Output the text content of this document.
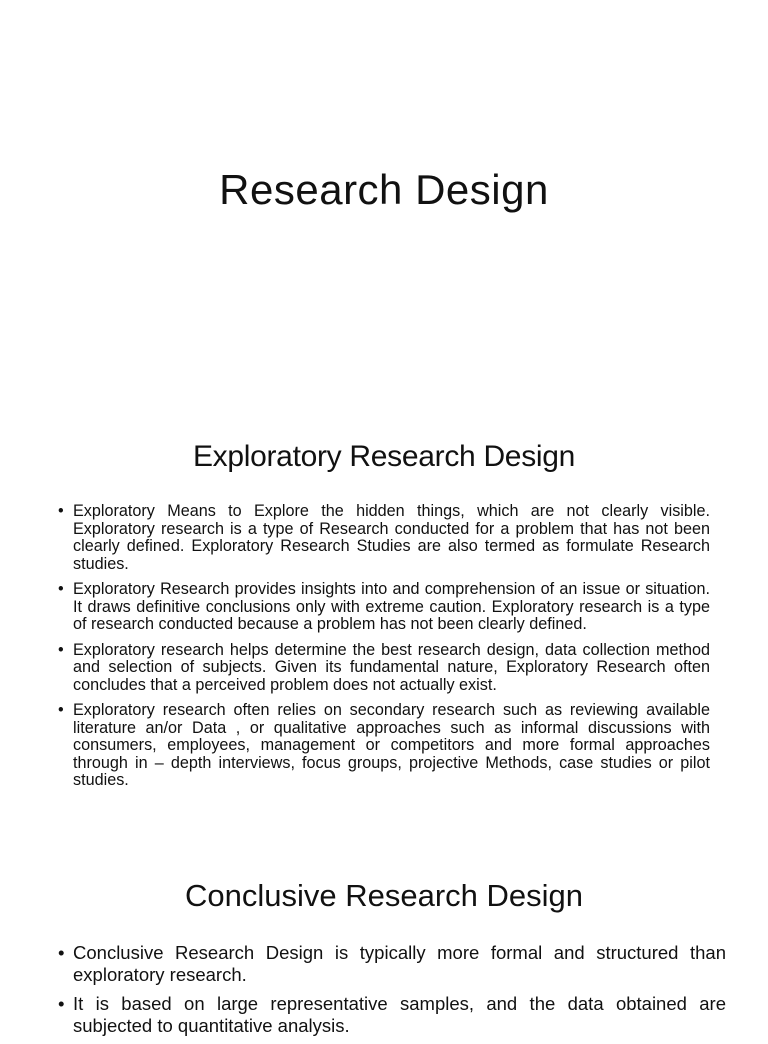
Research Design
Exploratory Research Design
• Exploratory Means to Explore the hidden things, which are not clearly visible. Exploratory research is a type of Research conducted for a problem that has not been clearly defined. Exploratory Research Studies are also termed as formulate Research studies.
• Exploratory Research provides insights into and comprehension of an issue or situation. It draws definitive conclusions only with extreme caution. Exploratory research is a type of research conducted because a problem has not been clearly defined.
• Exploratory research helps determine the best research design, data collection method and selection of subjects. Given its fundamental nature, Exploratory Research often concludes that a perceived problem does not actually exist.
• Exploratory research often relies on secondary research such as reviewing available literature an/or Data , or qualitative approaches such as informal discussions with consumers, employees, management or competitors and more formal approaches through in – depth interviews, focus groups, projective Methods, case studies or pilot studies.
Conclusive Research Design
• Conclusive Research Design is typically more formal and structured than exploratory research.
• It is based on large representative samples, and the data obtained are subjected to quantitative analysis.
